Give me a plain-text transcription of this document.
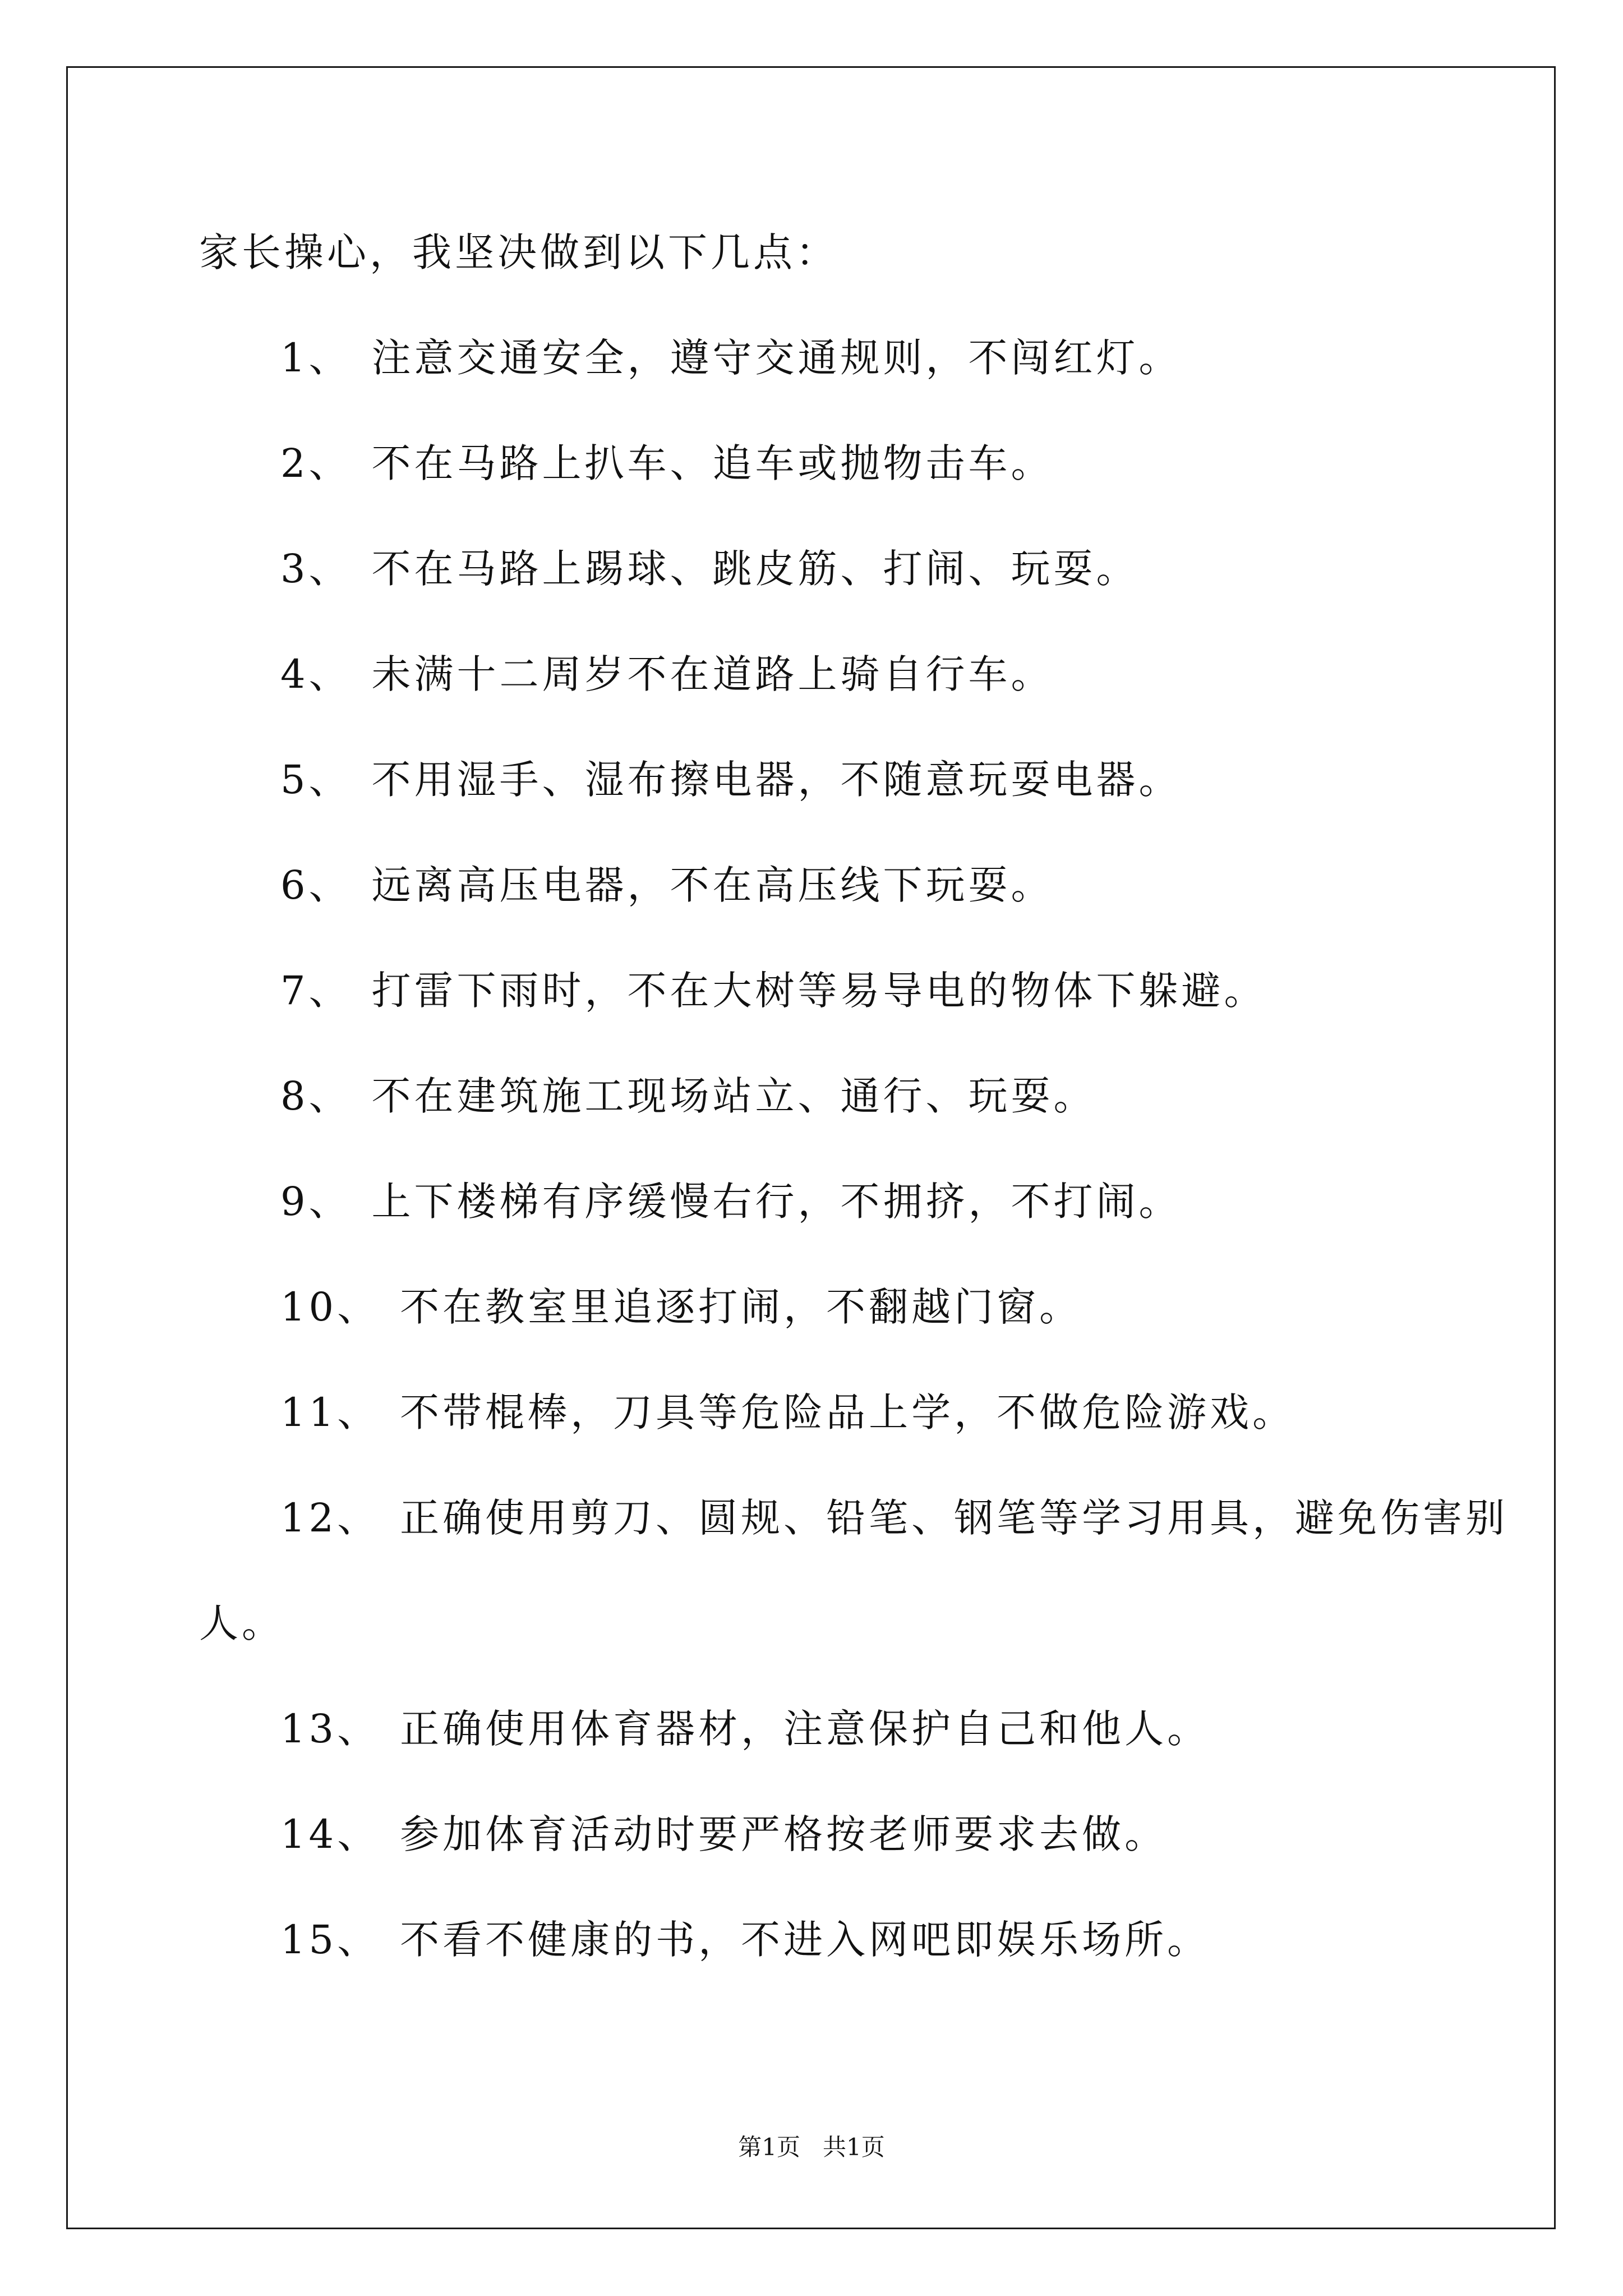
家长操心，我坚决做到以下几点：
1、 注意交通安全，遵守交通规则，不闯红灯。
2、 不在马路上扒车、追车或抛物击车。
3、 不在马路上踢球、跳皮筋、打闹、玩耍。
4、 未满十二周岁不在道路上骑自行车。
5、 不用湿手、湿布擦电器，不随意玩耍电器。
6、 远离高压电器，不在高压线下玩耍。
7、 打雷下雨时，不在大树等易导电的物体下躲避。
8、 不在建筑施工现场站立、通行、玩耍。
9、 上下楼梯有序缓慢右行，不拥挤，不打闹。
10、 不在教室里追逐打闹，不翻越门窗。
11、 不带棍棒，刀具等危险品上学，不做危险游戏。
12、 正确使用剪刀、圆规、铅笔、钢笔等学习用具，避免伤害别
人。
13、 正确使用体育器材，注意保护自己和他人。
14、 参加体育活动时要严格按老师要求去做。
15、 不看不健康的书，不进入网吧即娱乐场所。
第1页   共1页
